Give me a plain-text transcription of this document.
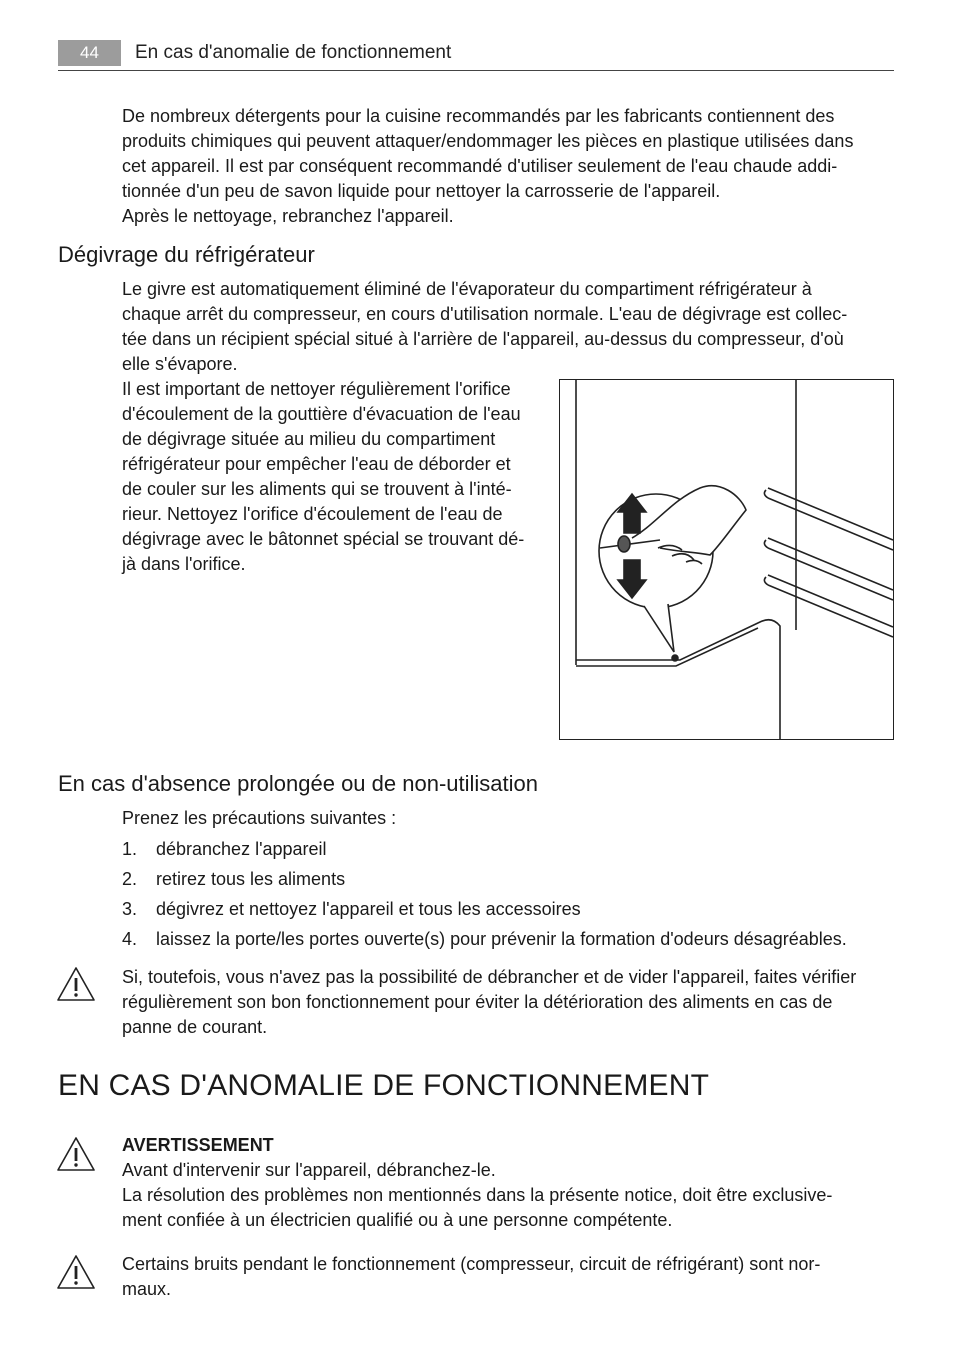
44	En cas d'anomalie de fonctionnement

De nombreux détergents pour la cuisine recommandés par les fabricants contiennent des
produits chimiques qui peuvent attaquer/endommager les pièces en plastique utilisées dans
cet appareil. Il est par conséquent recommandé d'utiliser seulement de l'eau chaude addi-
tionnée d'un peu de savon liquide pour nettoyer la carrosserie de l'appareil.
Après le nettoyage, rebranchez l'appareil.

Dégivrage du réfrigérateur

Le givre est automatiquement éliminé de l'évaporateur du compartiment réfrigérateur à
chaque arrêt du compresseur, en cours d'utilisation normale. L'eau de dégivrage est collec-
tée dans un récipient spécial situé à l'arrière de l'appareil, au-dessus du compresseur, d'où
elle s'évapore.

Il est important de nettoyer régulièrement l'orifice
d'écoulement de la gouttière d'évacuation de l'eau
de dégivrage située au milieu du compartiment
réfrigérateur pour empêcher l'eau de déborder et
de couler sur les aliments qui se trouvent à l'inté-
rieur. Nettoyez l'orifice d'écoulement de l'eau de
dégivrage avec le bâtonnet spécial se trouvant dé-
jà dans l'orifice.

En cas d'absence prolongée ou de non-utilisation

Prenez les précautions suivantes :

1. débranchez l'appareil
2. retirez tous les aliments
3. dégivrez et nettoyez l'appareil et tous les accessoires
4. laissez la porte/les portes ouverte(s) pour prévenir la formation d'odeurs désagréables.

Si, toutefois, vous n'avez pas la possibilité de débrancher et de vider l'appareil, faites vérifier
régulièrement son bon fonctionnement pour éviter la détérioration des aliments en cas de
panne de courant.

EN CAS D'ANOMALIE DE FONCTIONNEMENT

AVERTISSEMENT
Avant d'intervenir sur l'appareil, débranchez-le.
La résolution des problèmes non mentionnés dans la présente notice, doit être exclusive-
ment confiée à un électricien qualifié ou à une personne compétente.

Certains bruits pendant le fonctionnement (compresseur, circuit de réfrigérant) sont nor-
maux.
